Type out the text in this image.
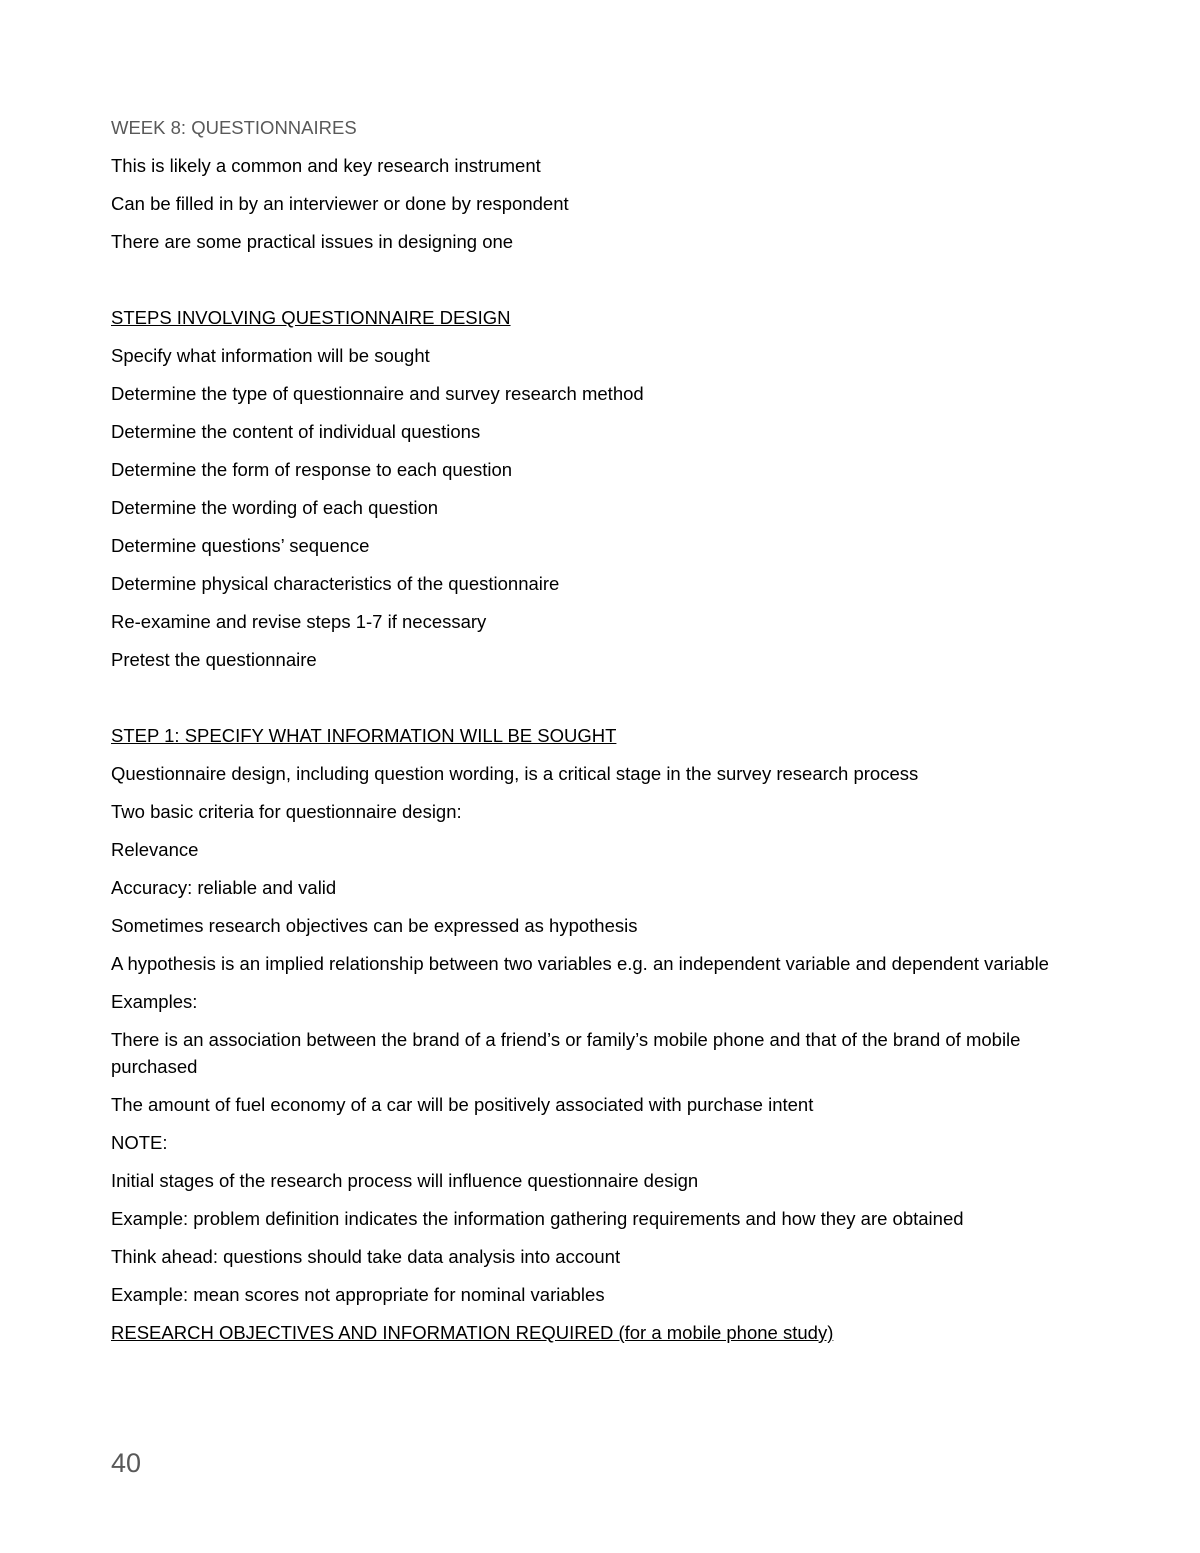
WEEK 8: QUESTIONNAIRES
This is likely a common and key research instrument
Can be filled in by an interviewer or done by respondent
There are some practical issues in designing one
STEPS INVOLVING QUESTIONNAIRE DESIGN
Specify what information will be sought
Determine the type of questionnaire and survey research method
Determine the content of individual questions
Determine the form of response to each question
Determine the wording of each question
Determine questions’ sequence
Determine physical characteristics of the questionnaire
Re-examine and revise steps 1-7 if necessary
Pretest the questionnaire
STEP 1: SPECIFY WHAT INFORMATION WILL BE SOUGHT
Questionnaire design, including question wording, is a critical stage in the survey research process
Two basic criteria for questionnaire design:
Relevance
Accuracy: reliable and valid
Sometimes research objectives can be expressed as hypothesis
A hypothesis is an implied relationship between two variables e.g. an independent variable and dependent variable
Examples:
There is an association between the brand of a friend’s or family’s mobile phone and that of the brand of mobile purchased
The amount of fuel economy of a car will be positively associated with purchase intent
NOTE:
Initial stages of the research process will influence questionnaire design
Example: problem definition indicates the information gathering requirements and how they are obtained
Think ahead: questions should take data analysis into account
Example: mean scores not appropriate for nominal variables
RESEARCH OBJECTIVES AND INFORMATION REQUIRED (for a mobile phone study)
40
